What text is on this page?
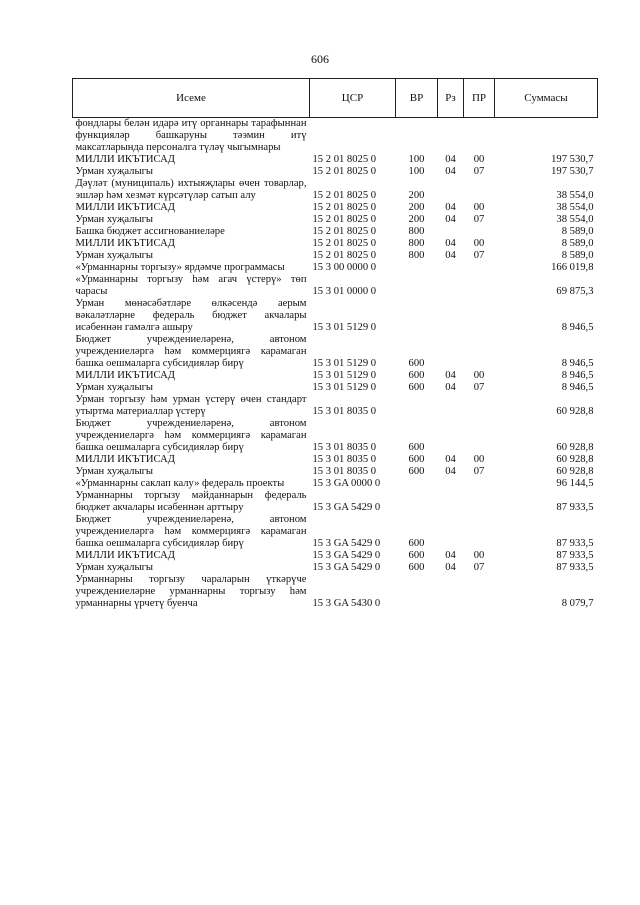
606
Исеме	ЦСР	ВР	Рз	ПР	Суммасы
фондлары белән идарә итү органнары тарафыннан функцияләр башкаруны тәэмин итү максатларында персоналга түләү чыгымнары					
МИЛЛИ ИКЪТИСАД	15 2 01 8025 0	100	04	00	197 530,7
Урман хуҗалыгы	15 2 01 8025 0	100	04	07	197 530,7
Дәүләт (муниципаль) ихтыяҗлары өчен товарлар, эшләр һәм хезмәт күрсәтүләр сатып алу	15 2 01 8025 0	200			38 554,0
МИЛЛИ ИКЪТИСАД	15 2 01 8025 0	200	04	00	38 554,0
Урман хуҗалыгы	15 2 01 8025 0	200	04	07	38 554,0
Башка бюджет ассигнованиеләре	15 2 01 8025 0	800			8 589,0
МИЛЛИ ИКЪТИСАД	15 2 01 8025 0	800	04	00	8 589,0
Урман хуҗалыгы	15 2 01 8025 0	800	04	07	8 589,0
«Урманнарны торгызу» ярдәмче программасы	15 3 00 0000 0				166 019,8
«Урманнарны торгызу һәм агач үстерү» төп чарасы	15 3 01 0000 0				69 875,3
Урман мөнәсәбәтләре өлкәсендә аерым вәкаләтләрне федераль бюджет акчалары исәбеннән гамәлгә ашыру	15 3 01 5129 0				8 946,5
Бюджет учреждениеләренә, автоном учреждениеләргә һәм коммерциягә карамаган башка оешмаларга субсидияләр бирү	15 3 01 5129 0	600			8 946,5
МИЛЛИ ИКЪТИСАД	15 3 01 5129 0	600	04	00	8 946,5
Урман хуҗалыгы	15 3 01 5129 0	600	04	07	8 946,5
Урман торгызу һәм урман үстерү өчен стандарт утыртма материаллар үстерү	15 3 01 8035 0				60 928,8
Бюджет учреждениеләренә, автоном учреждениеләргә һәм коммерциягә карамаган башка оешмаларга субсидияләр бирү	15 3 01 8035 0	600			60 928,8
МИЛЛИ ИКЪТИСАД	15 3 01 8035 0	600	04	00	60 928,8
Урман хуҗалыгы	15 3 01 8035 0	600	04	07	60 928,8
«Урманнарны саклап калу» федераль проекты	15 3 GA 0000 0				96 144,5
Урманнарны торгызу мәйданнарын федераль бюджет акчалары исәбеннән арттыру	15 3 GA 5429 0				87 933,5
Бюджет учреждениеләренә, автоном учреждениеләргә һәм коммерциягә карамаган башка оешмаларга субсидияләр бирү	15 3 GA 5429 0	600			87 933,5
МИЛЛИ ИКЪТИСАД	15 3 GA 5429 0	600	04	00	87 933,5
Урман хуҗалыгы	15 3 GA 5429 0	600	04	07	87 933,5
Урманнарны торгызу чараларын үткәрүче учреждениеләрне урманнарны торгызу һәм урманнарны үрчетү буенча	15 3 GA 5430 0				8 079,7
